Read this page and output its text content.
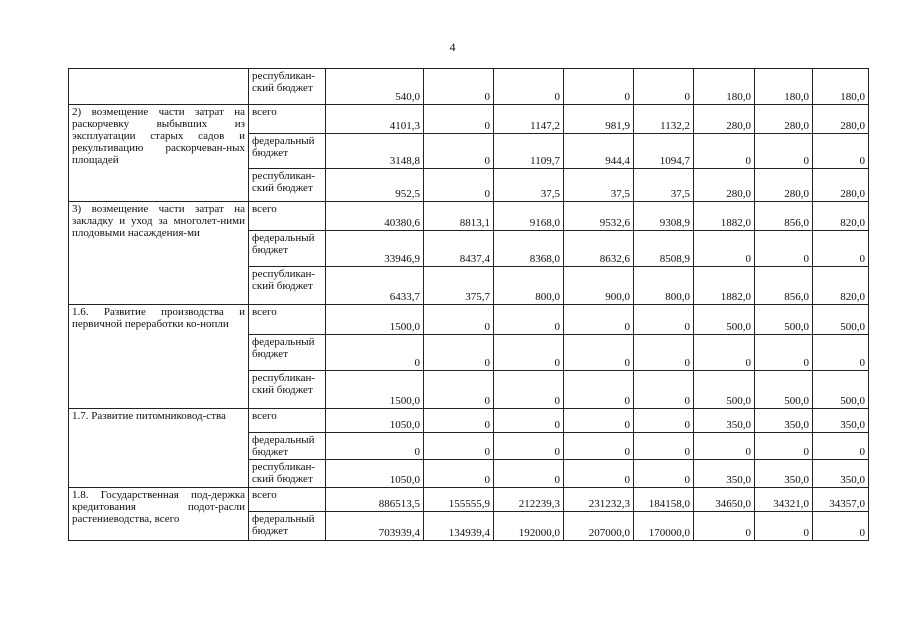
4
	республикан-ский бюджет	540,0	0	0	0	0	180,0	180,0	180,0
2) возмещение части затрат на раскорчевку выбывших из эксплуатации старых садов и рекультивацию раскорчеван-ных площадей	всего	4101,3	0	1147,2	981,9	1132,2	280,0	280,0	280,0
	федеральный бюджет	3148,8	0	1109,7	944,4	1094,7	0	0	0
	республикан-ский бюджет	952,5	0	37,5	37,5	37,5	280,0	280,0	280,0
3) возмещение части затрат на закладку и уход за многолет-ними плодовыми насаждения-ми	всего	40380,6	8813,1	9168,0	9532,6	9308,9	1882,0	856,0	820,0
	федеральный бюджет	33946,9	8437,4	8368,0	8632,6	8508,9	0	0	0
	республикан-ский бюджет	6433,7	375,7	800,0	900,0	800,0	1882,0	856,0	820,0
1.6. Развитие производства и первичной переработки ко-нопли	всего	1500,0	0	0	0	0	500,0	500,0	500,0
	федеральный бюджет	0	0	0	0	0	0	0	0
	республикан-ский бюджет	1500,0	0	0	0	0	500,0	500,0	500,0
1.7. Развитие питомниковод-ства	всего	1050,0	0	0	0	0	350,0	350,0	350,0
	федеральный бюджет	0	0	0	0	0	0	0	0
	республикан-ский бюджет	1050,0	0	0	0	0	350,0	350,0	350,0
1.8. Государственная под-держка кредитования подот-расли растениеводства, всего	всего	886513,5	155555,9	212239,3	231232,3	184158,0	34650,0	34321,0	34357,0
	федеральный бюджет	703939,4	134939,4	192000,0	207000,0	170000,0	0	0	0
